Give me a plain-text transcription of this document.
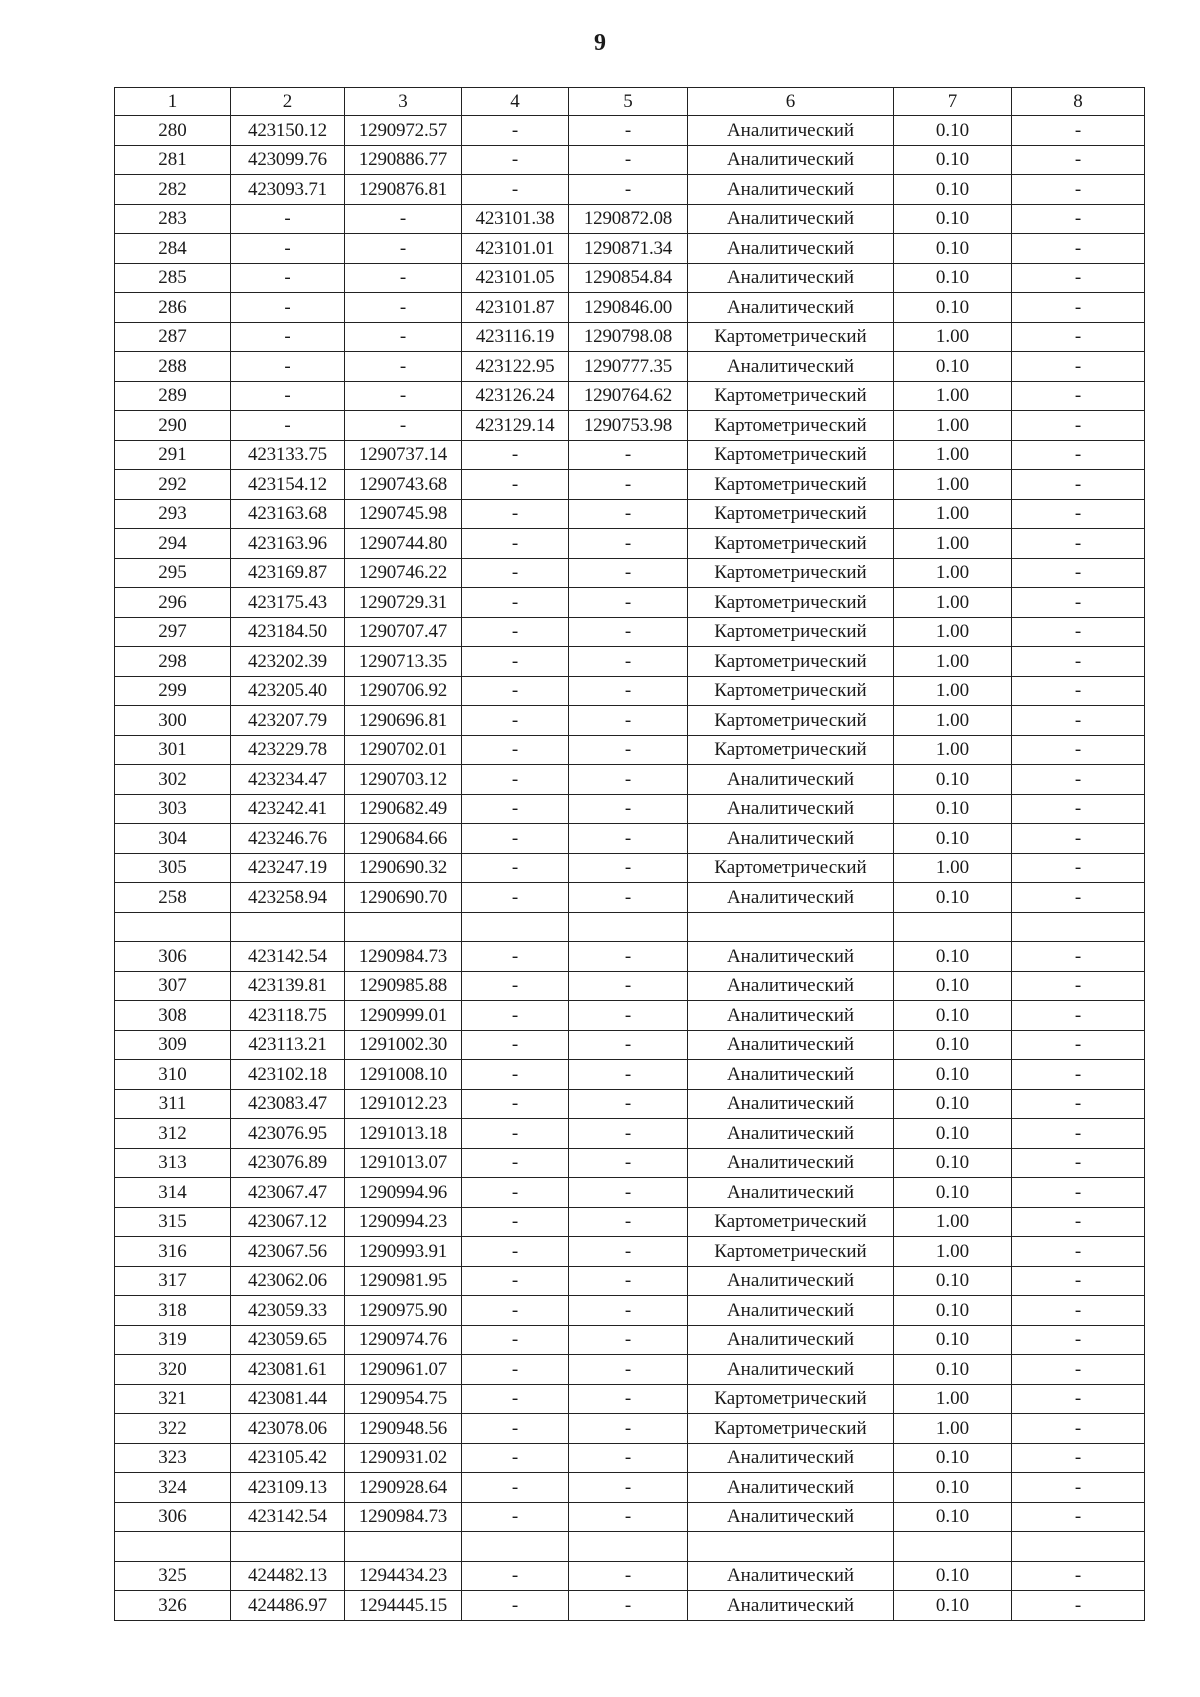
9
1	2	3	4	5	6	7	8
280	423150.12	1290972.57	-	-	Аналитический	0.10	-
281	423099.76	1290886.77	-	-	Аналитический	0.10	-
282	423093.71	1290876.81	-	-	Аналитический	0.10	-
283	-	-	423101.38	1290872.08	Аналитический	0.10	-
284	-	-	423101.01	1290871.34	Аналитический	0.10	-
285	-	-	423101.05	1290854.84	Аналитический	0.10	-
286	-	-	423101.87	1290846.00	Аналитический	0.10	-
287	-	-	423116.19	1290798.08	Картометрический	1.00	-
288	-	-	423122.95	1290777.35	Аналитический	0.10	-
289	-	-	423126.24	1290764.62	Картометрический	1.00	-
290	-	-	423129.14	1290753.98	Картометрический	1.00	-
291	423133.75	1290737.14	-	-	Картометрический	1.00	-
292	423154.12	1290743.68	-	-	Картометрический	1.00	-
293	423163.68	1290745.98	-	-	Картометрический	1.00	-
294	423163.96	1290744.80	-	-	Картометрический	1.00	-
295	423169.87	1290746.22	-	-	Картометрический	1.00	-
296	423175.43	1290729.31	-	-	Картометрический	1.00	-
297	423184.50	1290707.47	-	-	Картометрический	1.00	-
298	423202.39	1290713.35	-	-	Картометрический	1.00	-
299	423205.40	1290706.92	-	-	Картометрический	1.00	-
300	423207.79	1290696.81	-	-	Картометрический	1.00	-
301	423229.78	1290702.01	-	-	Картометрический	1.00	-
302	423234.47	1290703.12	-	-	Аналитический	0.10	-
303	423242.41	1290682.49	-	-	Аналитический	0.10	-
304	423246.76	1290684.66	-	-	Аналитический	0.10	-
305	423247.19	1290690.32	-	-	Картометрический	1.00	-
258	423258.94	1290690.70	-	-	Аналитический	0.10	-

306	423142.54	1290984.73	-	-	Аналитический	0.10	-
307	423139.81	1290985.88	-	-	Аналитический	0.10	-
308	423118.75	1290999.01	-	-	Аналитический	0.10	-
309	423113.21	1291002.30	-	-	Аналитический	0.10	-
310	423102.18	1291008.10	-	-	Аналитический	0.10	-
311	423083.47	1291012.23	-	-	Аналитический	0.10	-
312	423076.95	1291013.18	-	-	Аналитический	0.10	-
313	423076.89	1291013.07	-	-	Аналитический	0.10	-
314	423067.47	1290994.96	-	-	Аналитический	0.10	-
315	423067.12	1290994.23	-	-	Картометрический	1.00	-
316	423067.56	1290993.91	-	-	Картометрический	1.00	-
317	423062.06	1290981.95	-	-	Аналитический	0.10	-
318	423059.33	1290975.90	-	-	Аналитический	0.10	-
319	423059.65	1290974.76	-	-	Аналитический	0.10	-
320	423081.61	1290961.07	-	-	Аналитический	0.10	-
321	423081.44	1290954.75	-	-	Картометрический	1.00	-
322	423078.06	1290948.56	-	-	Картометрический	1.00	-
323	423105.42	1290931.02	-	-	Аналитический	0.10	-
324	423109.13	1290928.64	-	-	Аналитический	0.10	-
306	423142.54	1290984.73	-	-	Аналитический	0.10	-

325	424482.13	1294434.23	-	-	Аналитический	0.10	-
326	424486.97	1294445.15	-	-	Аналитический	0.10	-
